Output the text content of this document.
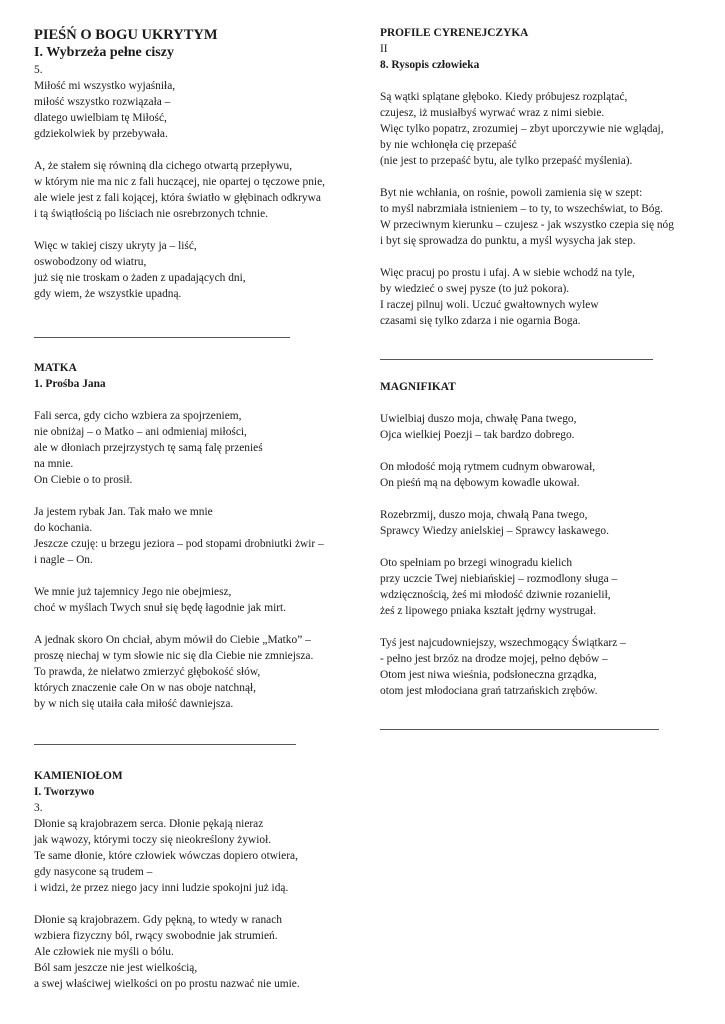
PIEŚŃ O BOGU UKRYTYM
I. Wybrzeża pełne ciszy
5.
Miłość mi wszystko wyjaśniła,
miłość wszystko rozwiązała –
dlatego uwielbiam tę Miłość,
gdziekolwiek by przebywała.
A, że stałem się równiną dla cichego otwartą przepływu,
w którym nie ma nic z fali huczącej, nie opartej o tęczowe pnie,
ale wiele jest z fali kojącej, która światło w głębinach odkrywa
i tą świątłością po liściach nie osrebrzonych tchnie.
Więc w takiej ciszy ukryty ja – liść,
oswobodzony od wiatru,
już się nie troskam o żaden z upadających dni,
gdy wiem, że wszystkie upadną.
MATKA
1. Prośba Jana
Fali serca, gdy cicho wzbiera za spojrzeniem,
nie obniżaj – o Matko – ani odmieniaj miłości,
ale w dłoniach przejrzystych tę samą falę przenieś
na mnie.
On Ciebie o to prosił.
Ja jestem rybak Jan. Tak mało we mnie
do kochania.
Jeszcze czuję: u brzegu jeziora – pod stopami drobniutki żwir –
i nagle – On.
We mnie już tajemnicy Jego nie obejmiesz,
choć w myślach Twych snuł się będę łagodnie jak mirt.
A jednak skoro On chciał, abym mówił do Ciebie „Matko” –
proszę niechaj w tym słowie nic się dla Ciebie nie zmniejsza.
To prawda, że niełatwo zmierzyć głębokość słów,
których znaczenie całe On w nas oboje natchnął,
by w nich się utaiła cała miłość dawniejsza.
KAMIENIOŁOM
I. Tworzywo
3.
Dłonie są krajobrazem serca. Dłonie pękają nieraz
jak wąwozy, którymi toczy się nieokreślony żywioł.
Te same dłonie, które człowiek wówczas dopiero otwiera,
gdy nasycone są trudem –
i widzi, że przez niego jacy inni ludzie spokojni już idą.
Dłonie są krajobrazem. Gdy pękną, to wtedy w ranach
wzbiera fizyczny ból, rwący swobodnie jak strumień.
Ale człowiek nie myśli o bólu.
Ból sam jeszcze nie jest wielkością,
a swej właściwej wielkości on po prostu nazwać nie umie.
PROFILE CYRENEJCZYKA
II
8. Rysopis człowieka
Są wątki splątane głęboko. Kiedy próbujesz rozplątać,
czujesz, iż musiałbyś wyrwać wraz z nimi siebie.
Więc tylko popatrz, zrozumiej – zbyt uporczywie nie wglądaj,
by nie wchłonęła cię przepaść
(nie jest to przepaść bytu, ale tylko przepaść myślenia).
Byt nie wchłania, on rośnie, powoli zamienia się w szept:
to myśl nabrzmiała istnieniem – to ty, to wszechświat, to Bóg.
W przeciwnym kierunku – czujesz - jak wszystko czepia się nóg
i byt się sprowadza do punktu, a myśl wysycha jak step.
Więc pracuj po prostu i ufaj. A w siebie wchodź na tyle,
by wiedzieć o swej pysze (to już pokora).
I raczej pilnuj woli. Uczuć gwałtownych wylew
czasami się tylko zdarza i nie ogarnia Boga.
MAGNIFIKAT
Uwielbiaj duszo moja, chwałę Pana twego,
Ojca wielkiej Poezji – tak bardzo dobrego.
On młodość moją rytmem cudnym obwarował,
On pieśń mą na dębowym kowadle ukował.
Rozebrzmij, duszo moja, chwałą Pana twego,
Sprawcy Wiedzy anielskiej – Sprawcy łaskawego.
Oto spełniam po brzegi winogradu kielich
przy uczcie Twej niebiańskiej – rozmodlony sługa –
wdzięcznością, żeś mi młodość dziwnie rozanielił,
żeś z lipowego pniaka kształt jędrny wystrugał.
Tyś jest najcudowniejszy, wszechmogący Świątkarz –
- pełno jest brzóz na drodze mojej, pełno dębów –
Otom jest niwa wieśnia, podsłoneczna grządka,
otom jest młodociana grań tatrzańskich zrębów.
